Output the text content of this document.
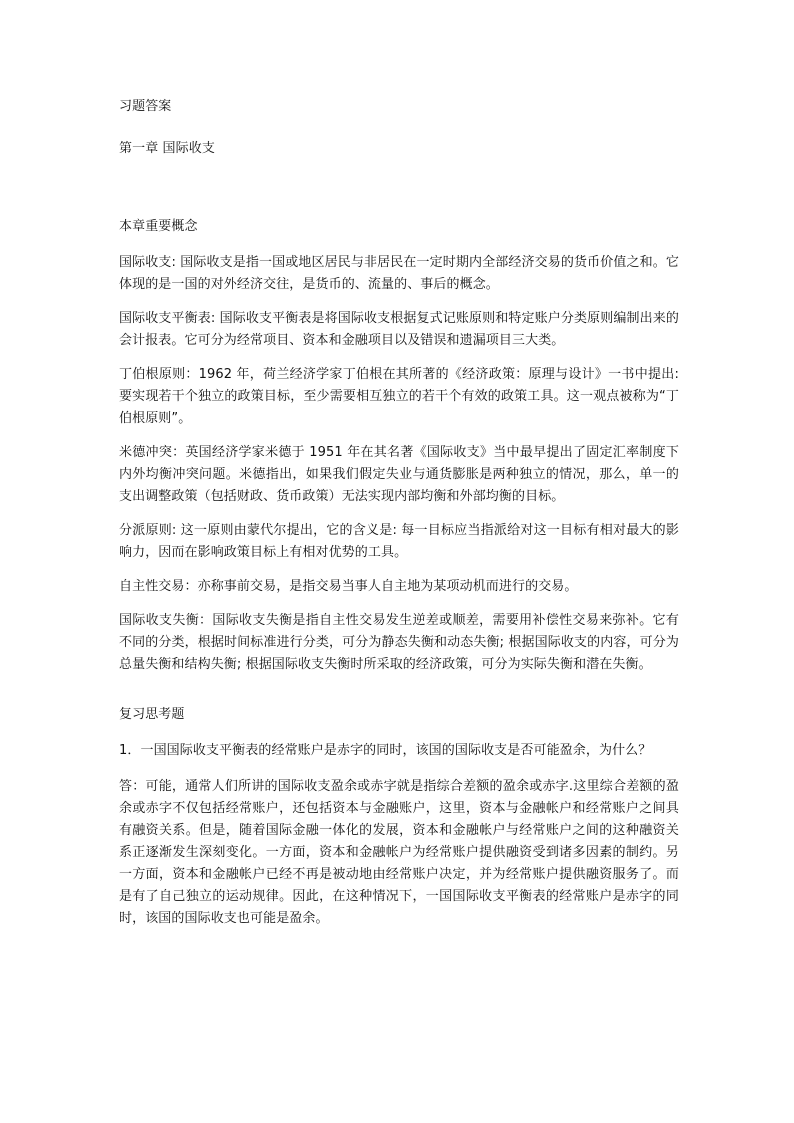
习题答案
第一章 国际收支
本章重要概念

国际收支: 国际收支是指一国或地区居民与非居民在一定时期内全部经济交易的货币价值之和。它体现的是一国的对外经济交往，是货币的、流量的、事后的概念。

国际收支平衡表: 国际收支平衡表是将国际收支根据复式记账原则和特定账户分类原则编制出来的会计报表。它可分为经常项目、资本和金融项目以及错误和遗漏项目三大类。

丁伯根原则：1962 年，荷兰经济学家丁伯根在其所著的《经济政策：原理与设计》一书中提出: 要实现若干个独立的政策目标，至少需要相互独立的若干个有效的政策工具。这一观点被称为“丁伯根原则”。

米德冲突：英国经济学家米德于 1951 年在其名著《国际收支》当中最早提出了固定汇率制度下内外均衡冲突问题。米德指出，如果我们假定失业与通货膨胀是两种独立的情况，那么，单一的支出调整政策（包括财政、货币政策）无法实现内部均衡和外部均衡的目标。

分派原则: 这一原则由蒙代尔提出，它的含义是: 每一目标应当指派给对这一目标有相对最大的影响力，因而在影响政策目标上有相对优势的工具。

自主性交易：亦称事前交易，是指交易当事人自主地为某项动机而进行的交易。

国际收支失衡：国际收支失衡是指自主性交易发生逆差或顺差，需要用补偿性交易来弥补。它有不同的分类，根据时间标准进行分类，可分为静态失衡和动态失衡; 根据国际收支的内容，可分为总量失衡和结构失衡; 根据国际收支失衡时所采取的经济政策，可分为实际失衡和潜在失衡。

复习思考题

1．一国国际收支平衡表的经常账户是赤字的同时，该国的国际收支是否可能盈余，为什么？

答：可能，通常人们所讲的国际收支盈余或赤字就是指综合差额的盈余或赤字.这里综合差额的盈余或赤字不仅包括经常账户，还包括资本与金融账户，这里，资本与金融帐户和经常账户之间具有融资关系。但是，随着国际金融一体化的发展，资本和金融帐户与经常账户之间的这种融资关系正逐渐发生深刻变化。一方面，资本和金融帐户为经常账户提供融资受到诸多因素的制约。另一方面，资本和金融帐户已经不再是被动地由经常账户决定，并为经常账户提供融资服务了。而是有了自己独立的运动规律。因此，在这种情况下，一国国际收支平衡表的经常账户是赤字的同时，该国的国际收支也可能是盈余。
